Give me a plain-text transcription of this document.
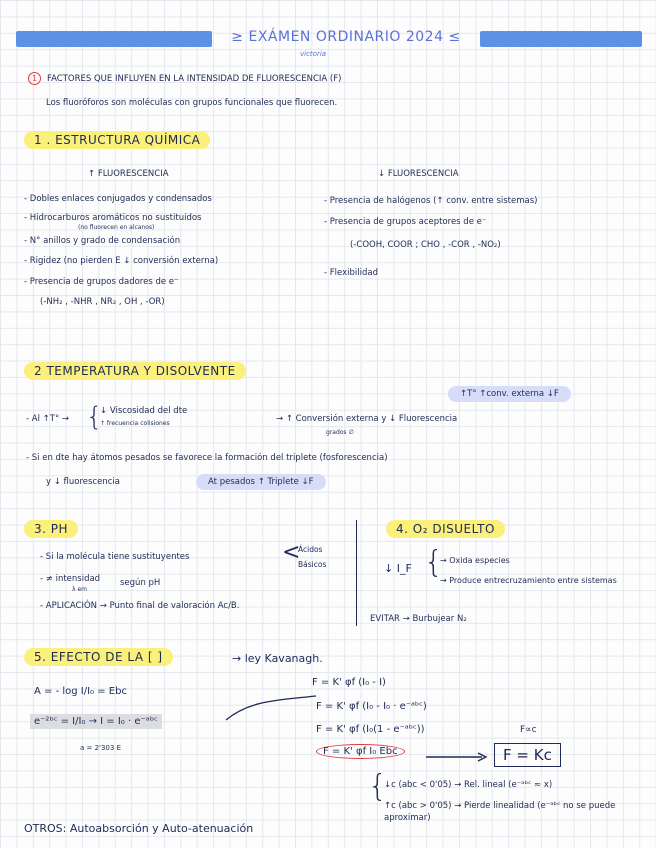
≥ EXÁMEN ORDINARIO 2024 ≤
victoria
1 FACTORES QUE INFLUYEN EN LA INTENSIDAD DE FLUORESCENCIA (F)
Los fluoróforos son moléculas con grupos funcionales que fluorecen.
1 . ESTRUCTURA QUÍMICA
↑ FLUORESCENCIA	↓ FLUORESCENCIA
- Dobles enlaces conjugados y condensados
- Hidrocarburos aromáticos no sustituidos
(no fluorecen en alcanos)
- N° anillos y grado de condensación
- Rigidez (no pierden E ↓ conversión externa)
- Presencia de grupos dadores de e⁻
(-NH₂ , -NHR , NR₂ , OH , -OR)
- Presencia de halógenos (↑ conv. entre sistemas)
- Presencia de grupos aceptores de e⁻
(-COOH, COOR ; CHO , -COR , -NO₂)
- Flexibilidad
2 TEMPERATURA Y DISOLVENTE
↑T° ↑conv. externa ↓F
- Al ↑T° → {
↓ Viscosidad del dte
↑ frecuencia colisiones	→ ↑ Conversión externa y ↓ Fluorescencia
grados ∅
- Si en dte hay átomos pesados se favorece la formación del triplete (fosforescencia)
y ↓ fluorescencia	At pesados ↑ Triplete ↓F
3. PH
- Si la molécula tiene sustituyentes	<
Ácidos
Básicos
- ≠ intensidad
λ em
según pH
- APLICACIÓN → Punto final de valoración Ac/B.
4. O₂ DISUELTO
↓ I_F {
→ Oxida especies
→ Produce entrecruzamiento entre sistemas
EVITAR → Burbujear N₂
5. EFECTO DE LA [ ]	→ ley Kavanagh.
A = - log I/I₀ = Ebc
e⁻²ᵇᶜ = I/I₀ → I = I₀ · e⁻ᵃᵇᶜ
a = 2'303 E
F = K' φf (I₀ - I)
F = K' φf (I₀ - I₀ · e⁻ᵃᵇᶜ)
F = K' φf (I₀(1 - e⁻ᵃᵇᶜ))
F = K' φf I₀ Ebc
F∝c
F = Kc
{
↓c (abc < 0'05) → Rel. lineal (e⁻ᵃᵇᶜ ≈ x)
↑c (abc > 0'05) → Pierde linealidad (e⁻ᵃᵇᶜ no se puede aproximar)
OTROS: Autoabsorción y Auto-atenuación
